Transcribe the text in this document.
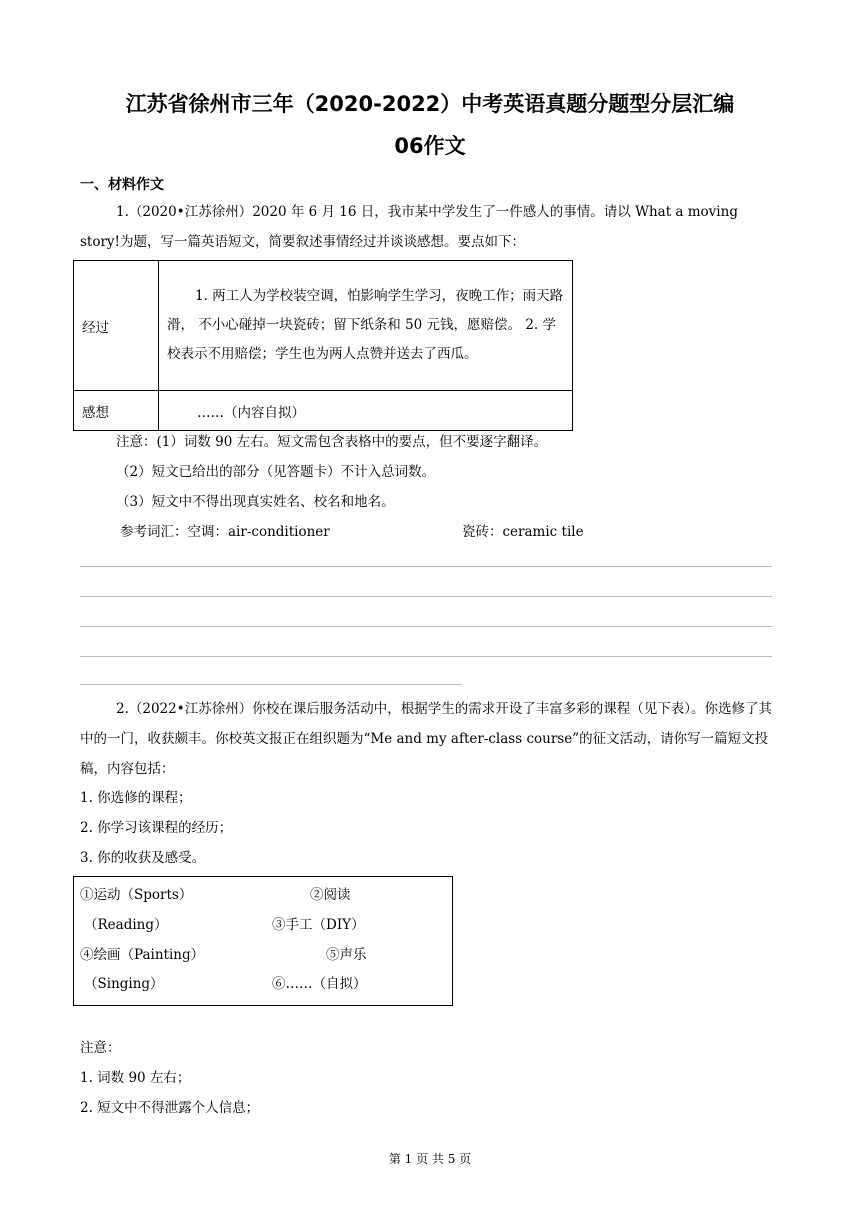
江苏省徐州市三年（2020-2022）中考英语真题分题型分层汇编
06作文
一、材料作文
1.（2020•江苏徐州）2020 年 6 月 16 日，我市某中学发生了一件感人的事情。请以 What a moving story!为题，写一篇英语短文，简要叙述事情经过并谈谈感想。要点如下：
经过	1. 两工人为学校装空调，怕影响学生学习，夜晚工作；雨天路滑， 不小心碰掉一块瓷砖；留下纸条和 50 元钱，愿赔偿。 2. 学校表示不用赔偿；学生也为两人点赞并送去了西瓜。
感想	……（内容自拟）
注意：(1）词数 90 左右。短文需包含表格中的要点，但不要逐字翻译。
（2）短文已给出的部分（见答题卡）不计入总词数。
（3）短文中不得出现真实姓名、校名和地名。
参考词汇：空调：air-conditioner	瓷砖：ceramic tile
2.（2022•江苏徐州）你校在课后服务活动中，根据学生的需求开设了丰富多彩的课程（见下表）。你选修了其中的一门，收获颇丰。你校英文报正在组织题为“Me and my after-class course”的征文活动，请你写一篇短文投稿，内容包括：
1. 你选修的课程；
2. 你学习该课程的经历；
3. 你的收获及感受。
①运动（Sports）	②阅读
（Reading）	③手工（DIY）
④绘画（Painting）	⑤声乐
（Singing）	⑥……（自拟）
注意：
1. 词数 90 左右；
2. 短文中不得泄露个人信息；
第 1 页 共 5 页
